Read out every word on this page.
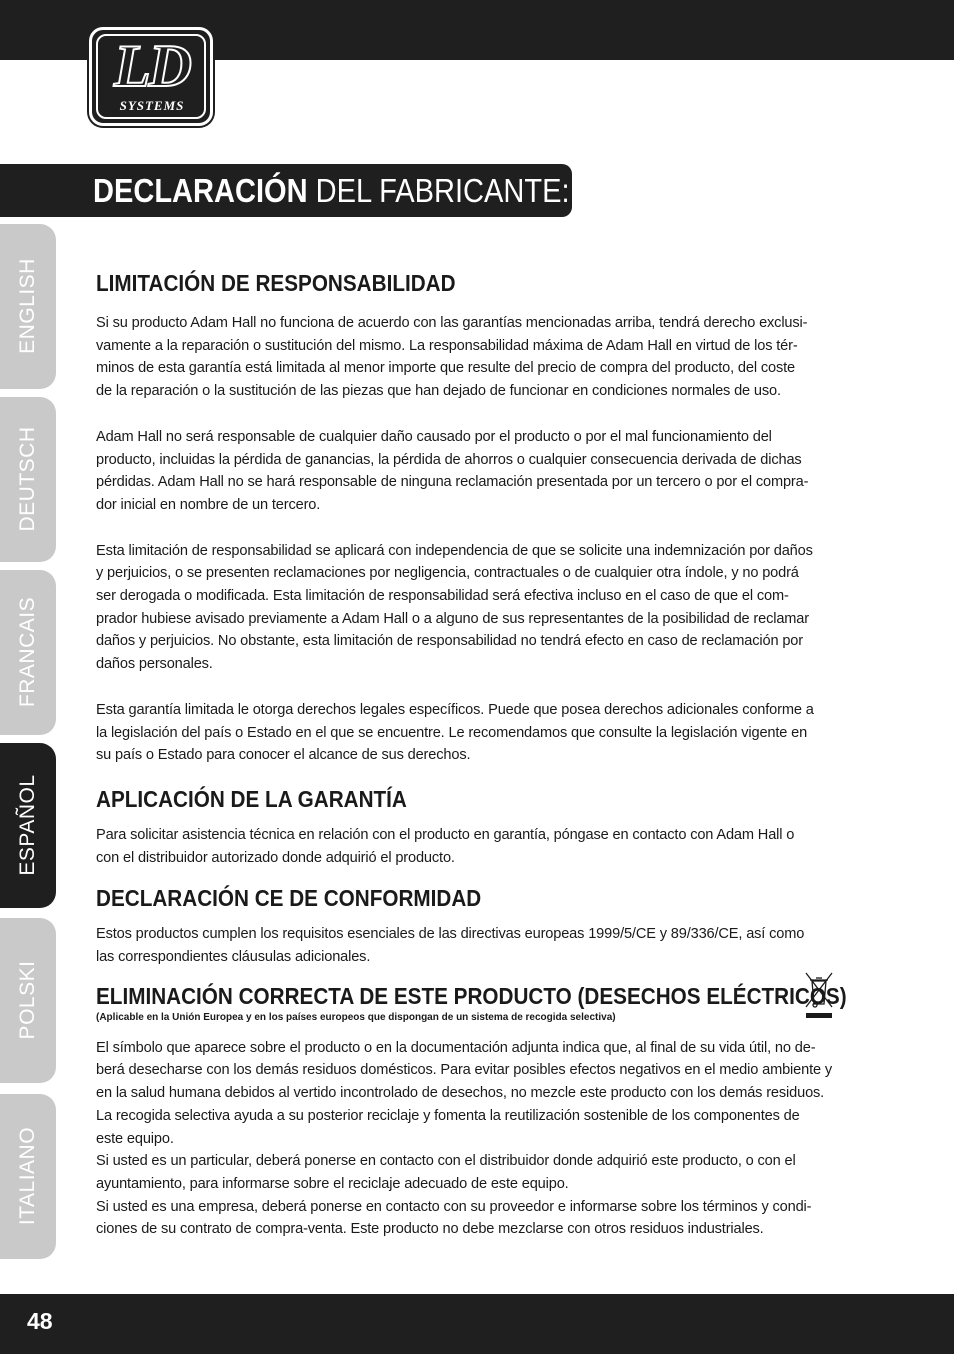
LD
SYSTEMS
DECLARACIÓN DEL FABRICANTE:
ENGLISH
DEUTSCH
FRANCAIS
ESPAÑOL
POLSKI
ITALIANO
LIMITACIÓN DE RESPONSABILIDAD

Si su producto Adam Hall no funciona de acuerdo con las garantías mencionadas arriba, tendrá derecho exclusi-
vamente a la reparación o sustitución del mismo. La responsabilidad máxima de Adam Hall en virtud de los tér-
minos de esta garantía está limitada al menor importe que resulte del precio de compra del producto, del coste
de la reparación o la sustitución de las piezas que han dejado de funcionar en condiciones normales de uso.

Adam Hall no será responsable de cualquier daño causado por el producto o por el mal funcionamiento del
producto, incluidas la pérdida de ganancias, la pérdida de ahorros o cualquier consecuencia derivada de dichas
pérdidas. Adam Hall no se hará responsable de ninguna reclamación presentada por un tercero o por el compra-
dor inicial en nombre de un tercero.

Esta limitación de responsabilidad se aplicará con independencia de que se solicite una indemnización por daños
y perjuicios, o se presenten reclamaciones por negligencia, contractuales o de cualquier otra índole, y no podrá
ser derogada o modificada. Esta limitación de responsabilidad será efectiva incluso en el caso de que el com-
prador hubiese avisado previamente a Adam Hall o a alguno de sus representantes de la posibilidad de reclamar
daños y perjuicios. No obstante, esta limitación de responsabilidad no tendrá efecto en caso de reclamación por
daños personales.

Esta garantía limitada le otorga derechos legales específicos. Puede que posea derechos adicionales conforme a
la legislación del país o Estado en el que se encuentre. Le recomendamos que consulte la legislación vigente en
su país o Estado para conocer el alcance de sus derechos.

APLICACIÓN DE LA GARANTÍA

Para solicitar asistencia técnica en relación con el producto en garantía, póngase en contacto con Adam Hall o
con el distribuidor autorizado donde adquirió el producto.

DECLARACIÓN CE DE CONFORMIDAD

Estos productos cumplen los requisitos esenciales de las directivas europeas 1999/5/CE y 89/336/CE, así como
las correspondientes cláusulas adicionales.

ELIMINACIÓN CORRECTA DE ESTE PRODUCTO (DESECHOS ELÉCTRICOS)

(Aplicable en la Unión Europea y en los países europeos que dispongan de un sistema de recogida selectiva)

El símbolo que aparece sobre el producto o en la documentación adjunta indica que, al final de su vida útil, no de-
berá desecharse con los demás residuos domésticos. Para evitar posibles efectos negativos en el medio ambiente y
en la salud humana debidos al vertido incontrolado de desechos, no mezcle este producto con los demás residuos.
La recogida selectiva ayuda a su posterior reciclaje y fomenta la reutilización sostenible de los componentes de
este equipo.
Si usted es un particular, deberá ponerse en contacto con el distribuidor donde adquirió este producto, o con el
ayuntamiento, para informarse sobre el reciclaje adecuado de este equipo.
Si usted es una empresa, deberá ponerse en contacto con su proveedor e informarse sobre los términos y condi-
ciones de su contrato de compra-venta. Este producto no debe mezclarse con otros residuos industriales.

48
